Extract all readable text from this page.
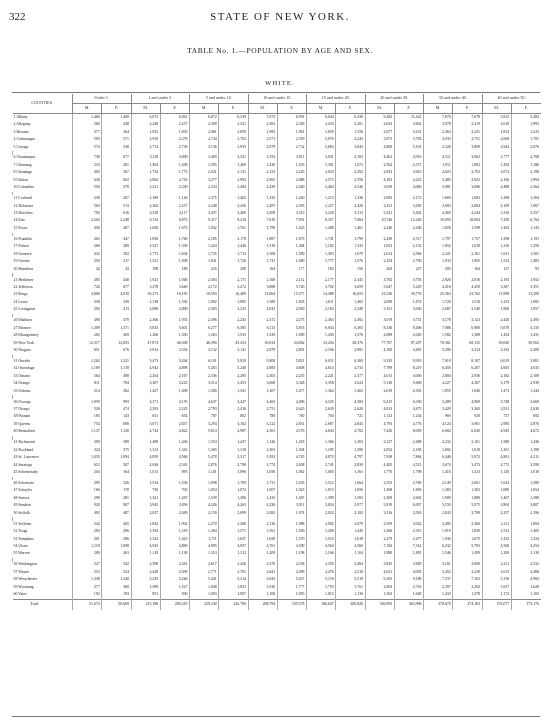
322	STATE OF NEW YORK.
TABLE No. 1.—POPULATION BY AGE AND SEX.
WHITE.
COUNTIES.	Under 1.		1 and under 5.		5 and under 10.		10 and under 15.		15 and under 20.		20 and under 30.		30 and under 40.		40 and under 50.	
	M.	F.	M.	F.	M.	F.	M.	F.	M.	F.	M.	F.	M.	F.	M.	F.
1 Albany	1,460	1,400	6,073	6,061	6,872	6,539	7,073	6,991	6,044	6,430	9,282	11,422	7,670	7,678	5,815	5,404
2 Allegany	560	448	2,248	2,237	2,358	2,321	2,363	2,349	2,233	2,201	3,633	3,602	3,078	2,419	2,010	1,993
3 Broome	377	364	1,833	1,835	2,061	2,050	1,983	1,961	1,659	1,556	2,677	3,161	2,363	2,241	1,813	1,523
4 Cattaraugus	593	571	2,910	2,378	2,744	2,702	2,571	2,559	2,076	2,243	3,873	3,783	3,033	2,751	2,068	1,781
5 Cayuga	574	548	2,714	2,738	3,136	2,935	2,879	2,732	2,683	3,043	4,800	5,101	3,326	3,809	2,942	2,676

6 Chautauqua	730	677	3,118	3,000	3,409	3,331	3,192	3,011	3,031	3,103	4,461	4,916	4,311	3,962	2,777	2,768
7 Chemung	233	201	1,404	1,438	1,505	1,469	1,430	1,476	1,301	1,673	2,562	2,371	1,911	1,802	1,292	1,186
8 Chenango	405	367	1,734	1,773	2,021	2,121	2,153	2,225	2,023	2,292	2,833	3,610	2,623	2,703	2,074	2,198
9 Clinton	636	602	2,862	2,743	3,277	2,992	2,965	2,888	2,573	2,550	4,183	4,223	3,485	2,922	2,106	1,994
10 Columbia	550	570	2,211	2,330	2,334	2,484	2,439	2,440	2,404	2,546	3,639	4,060	3,081	3,086	2,488	2,364

11 Cortland	238	207	1,189	1,126	1,375	1,402	1,335	1,440	1,213	1,336	2,083	2,173	1,669	1,683	1,288	1,304
12 Delaware	563	513	2,362	2,237	2,248	2,436	2,497	2,393	2,227	2,420	3,413	3,450	2,693	2,684	2,109	1,967
13 Dutchess	792	616	3,318	3,117	3,437	3,400	3,308	3,315	3,220	3,313	5,341	5,402	4,469	4,244	3,316	3,257
14 Erie	2,302	2,248	9,132	8,873	9,317	9,210	7,619	7,991	8,357	7,004	10,746	12,226	10,050	10,004	7,250	6,704
15 Essex	456	407	1,650	1,673	1,932	1,761	1,799	1,625	1,408	1,461	2,240	2,206	1,658	1,598	1,303	1,143

16 Franklin	463	447	1,830	1,760	2,185	2,178	1,887	1,673	1,741	1,799	2,449	2,517	1,707	1,757	1,298	1,193
17 Fulton	260	289	1,327	1,338	1,424	1,446	1,318	1,384	1,182	1,333	1,823	2,132	1,652	1,618	1,216	1,250
18 Genesee	432	382	1,773	1,634	1,735	1,713	1,568	1,590	1,383	1,679	2,614	2,566	2,221	2,161	1,611	1,501
19 Greene	350	317	1,521	1,508	1,641	1,720	1,741	1,680	1,777	1,576	2,354	2,790	1,933	1,905	1,514	1,483
20 Hamilton	42	43	198	189	216	208	164	177	183	156	263	227	205	164	127	93

21 Herkimer	485	440	1,923	1,946	2,363	2,171	2,168	2,112	2,177	2,345	3,782	3,703	2,920	2,816	2,193	1,952
22 Jefferson	726	677	3,278	3,640	4,172	3,272	3,888	3,720	3,702	3,659	5,647	5,229	4,410	4,450	3,387	3,351
23 Kings	4,806	4,810	16,273	16,195	16,593	16,489	13,064	15,377	14,488	16,653	23,536	30,776	25,363	23,762	13,998	13,309
24 Lewis	358	339	1,138	1,530	1,802	1,885	1,589	1,603	1,611	1,465	2,090	1,874	1,720	1,510	1,253	1,082
25 Livingston	392	413	2,089	2,000	2,303	2,233	2,043	2,030	2,163	2,348	3,351	3,630	2,687	2,540	1,900	1,957

26 Madison	490	470	2,366	1,953	2,396	2,233	2,372	2,275	2,363	2,492	3,678	3,731	3,178	3,123	2,420	2,493
27 Monroe	1,309	1,371	5,833	5,601	6,277	6,305	6,113	5,833	6,034	6,303	8,336	9,406	7,086	6,900	5,678	4,135
28 Montgomery	282	269	1,260	1,330	1,263	1,533	1,529	1,690	1,430	1,576	2,089	2,020	1,582	1,388	1,454	1,431
29 New York	12,317	12,003	47,874	46,038	46,390	45,433	36,033	34,062	33,204	38,376	77,767	87,207	70,361	68,135	39,630	39,562
30 Niagara	651	676	2,814	2,554	3,132	3,141	2,879	2,801	2,336	2,891	4,100	4,481	3,290	3,314	2,333	2,309

31 Oneida	1,262	1,221	5,473	5,264	6,101	5,929	5,808	5,821	6,011	6,369	9,335	9,919	7,910	8,107	6,019	5,801
32 Onondaga	1,169	1,118	4,942	4,898	5,453	5,246	4,883	4,608	4,614	4,733	7,789	8,219	6,450	6,267	4,603	4,635
33 Ontario	564	480	2,204	2,167	2,336	2,285	2,303	2,235	2,221	2,377	4,015	4,036	2,804	2,936	2,182	2,109
34 Orange	811	784	3,307	3,223	3,514	3,453	3,668	3,328	3,358	3,624	5,130	5,606	4,227	4,367	3,179	2,939
35 Orleans	314	302	1,427	1,498	1,580	1,541	1,307	1,477	1,364	1,402	2,619	2,301	1,855	1,846	1,473	1,344

36 Oswego	1,059	993	4,271	4,176	4,637	4,427	4,463	4,496	4,325	4,384	6,415	6,330	5,289	4,969	3,748	3,669
37 Otsego	526	474	2,293	2,225	2,793	2,416	2,751	2,623	2,639	2,620	4,013	4,475	3,420	3,363	2,911	2,630
38 Putnam	183	143	651	654	787	802	780	760	704	721	1,123	1,234	969	920	737	692
39 Queens	754	680	3,071	2,837	3,294	3,102	3,122	2,831	2,687	2,843	4,793	4,776	4,124	3,901	2,985	2,876
40 Rensselaer	1,137	1,120	4,724	4,822	5,014	4,987	4,361	4,576	4,643	4,702	7,420	8,039	6,682	6,040	4,945	4,672

41 Richmond	390	389	1,488	1,436	1,554	1,437	1,326	1,418	1,366	1,303	2,227	2,488	2,232	2,101	1,580	1,436
42 Rockland	324	375	1,313	1,343	1,365	1,318	1,303	1,304	1,185	1,290	2,052	2,183	1,692	1,619	1,301	1,198
43 St. Lawrence	1,035	1,094	4,859	4,566	5,478	5,317	5,393	4,745	4,872	4,797	7,938	7,864	6,446	5,872	4,801	4,211
44 Saratoga	612	587	2,636	2,541	2,876	2,798	2,774	2,638	2,741	2,830	4,405	4,513	3,674	3,473	2,772	2,590
45 Schenectady	204	164	1,013	895	1,101	1,096	1,056	1,062	1,003	1,161	1,770	1,798	1,416	1,413	1,120	1,018

46 Schoharie	395	326	1,534	1,536	1,698	1,709	1,731	1,635	1,512	1,664	2,553	2,760	2,149	2,061	1,643	1,580
47 Schuyler	166	170	730	703	1,054	1,072	1,007	1,023	1,015	1,056	1,568	1,693	1,383	1,303	1,080	1,054
48 Seneca	290	281	1,321	1,267	1,539	1,396	1,435	1,467	1,399	1,503	2,369	2,602	1,900	1,880	1,467	1,388
49 Steuben	920	907	3,945	3,856	4,326	4,263	4,236	3,911	3,824	3,977	5,819	6,007	5,150	5,075	3,904	3,807
50 Suffolk	492	487	2,027	2,049	2,150	2,099	2,082	1,974	2,022	2,182	3,316	3,503	2,843	2,780	2,257	2,196

51 Sullivan	542	465	1,843	1,902	2,270	2,268	2,130	1,988	2,092	2,079	2,959	3,022	2,495	2,360	2,111	1,894
52 Tioga	284	296	1,394	1,318	1,494	1,571	1,561	1,506	1,458	1,445	2,266	2,315	1,919	1,830	1,512	1,405
53 Tompkins	301	286	1,322	1,423	1,711	1,637	1,658	1,570	1,510	1,618	2,279	2,477	1,936	1,675	1,432	1,324
54 Ulster	1,118	1,098	4,945	4,890	4,995	4,957	4,761	4,590	4,564	4,560	7,182	7,314	6,232	5,793	4,560	4,254
55 Warren	280	263	1,118	1,138	1,314	1,312	1,209	1,198	1,166	1,104	1,880	1,881	1,546	1,499	1,200	1,130

56 Washington	527	542	2,398	2,261	2,617	2,426	2,370	2,238	2,350	2,404	3,825	3,829	3,161	3,000	2,411	2,332
57 Wayne	553	524	2,449	2,399	2,771	2,701	2,641	2,499	2,476	2,510	4,021	4,093	3,452	3,230	2,615	2,468
58 Westchester	1,348	1,340	5,235	5,246	5,441	5,314	5,043	5,027	5,118	5,519	9,165	9,180	7,537	7,103	5,150	4,982
59 Wyoming	377	360	1,589	1,527	1,848	1,823	1,930	1,777	1,793	1,761	2,863	2,763	2,397	2,292	1,637	1,628
60 Yates	192	193	851	830	1,003	1,097	1,100	1,055	1,015	1,130	1,563	1,649	1,433	1,378	1,172	1,103
Total	51,674	50,669	215,188	209,419	229,240	226,769	208,784	195,578	186,647	200,820	336,993	363,996	278,670	274,183	193,077	173,176
